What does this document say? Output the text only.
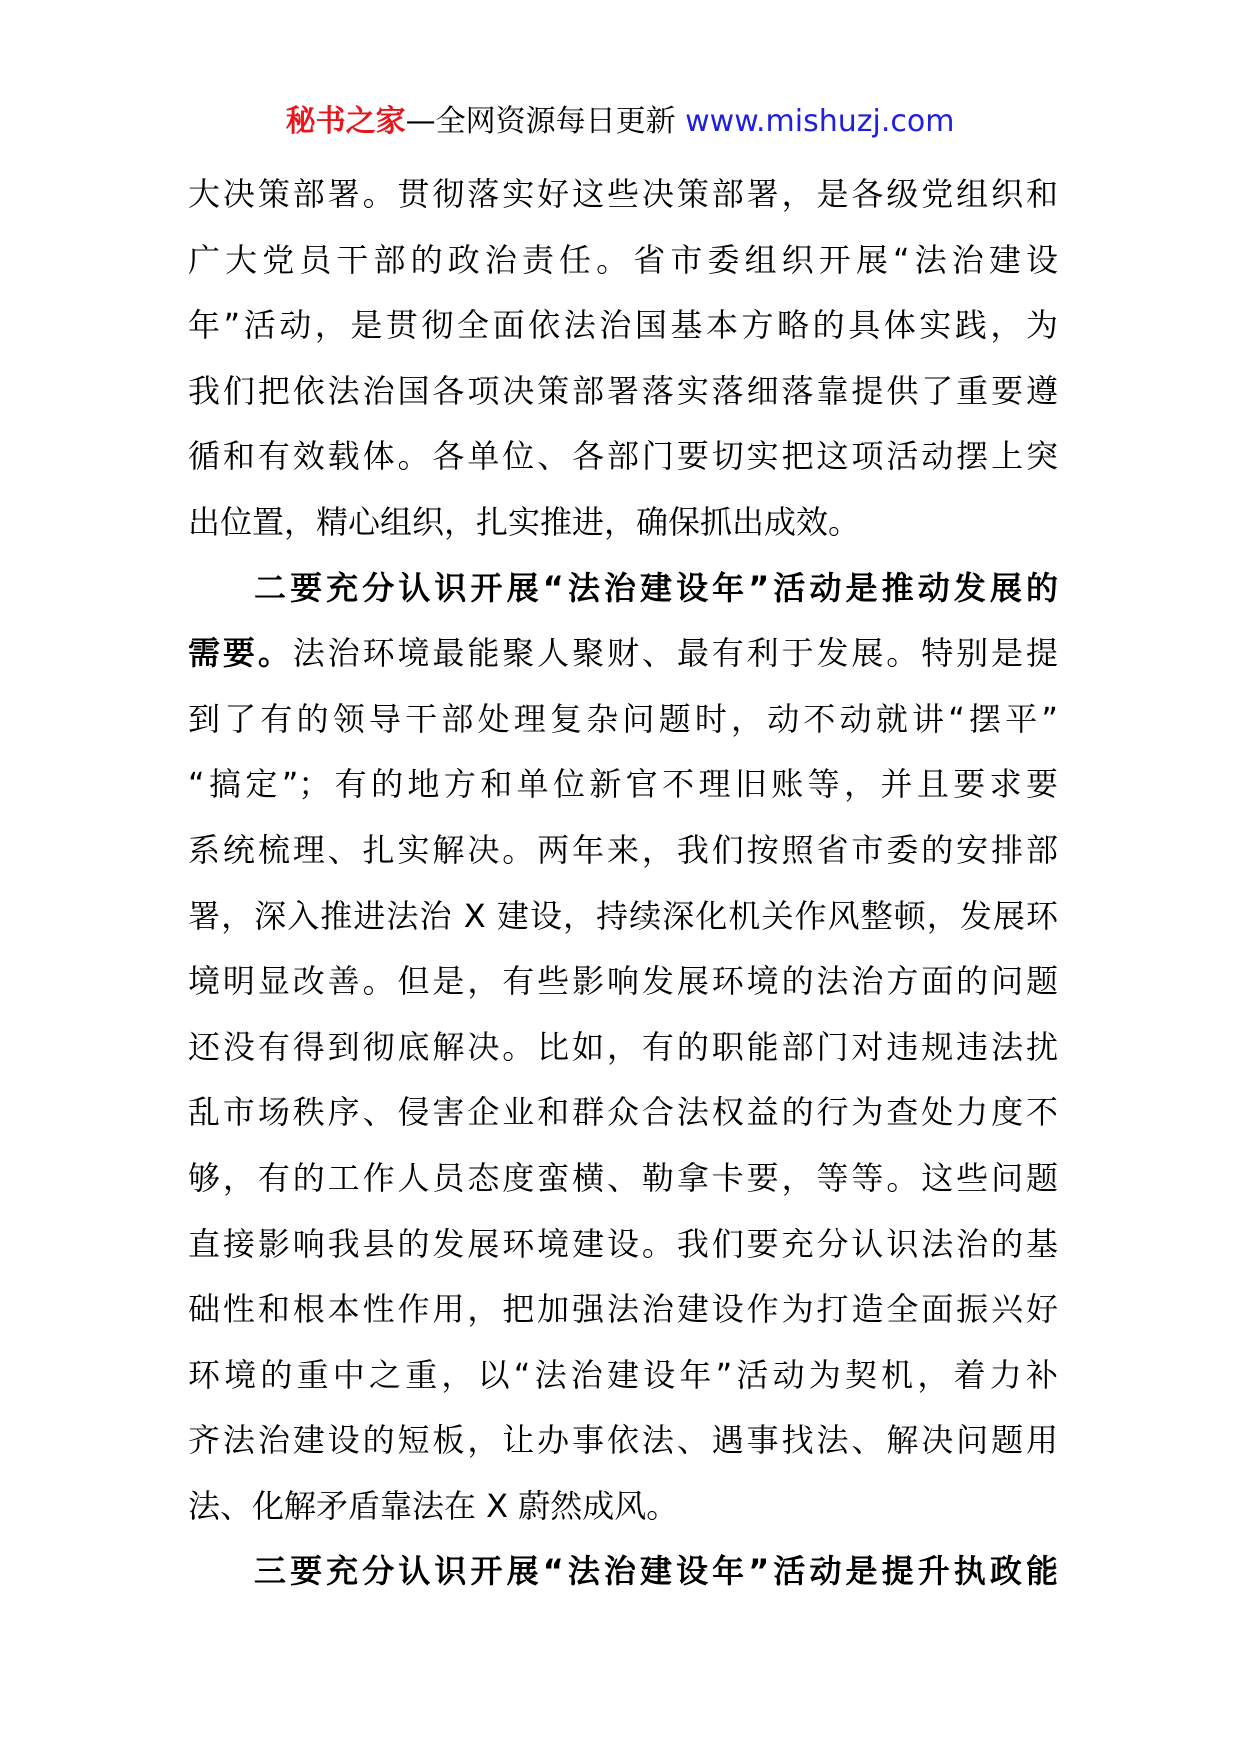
秘书之家—全网资源每日更新 www.mishuzj.com
大决策部署。贯彻落实好这些决策部署，是各级党组织和
广大党员干部的政治责任。省市委组织开展“法治建设
年”活动，是贯彻全面依法治国基本方略的具体实践，为
我们把依法治国各项决策部署落实落细落靠提供了重要遵
循和有效载体。各单位、各部门要切实把这项活动摆上突
出位置，精心组织，扎实推进，确保抓出成效。
二要充分认识开展“法治建设年”活动是推动发展的
需要。法治环境最能聚人聚财、最有利于发展。特别是提
到了有的领导干部处理复杂问题时，动不动就讲“摆平”
“搞定”；有的地方和单位新官不理旧账等，并且要求要
系统梳理、扎实解决。两年来，我们按照省市委的安排部
署，深入推进法治 X 建设，持续深化机关作风整顿，发展环
境明显改善。但是，有些影响发展环境的法治方面的问题
还没有得到彻底解决。比如，有的职能部门对违规违法扰
乱市场秩序、侵害企业和群众合法权益的行为查处力度不
够，有的工作人员态度蛮横、勒拿卡要，等等。这些问题
直接影响我县的发展环境建设。我们要充分认识法治的基
础性和根本性作用，把加强法治建设作为打造全面振兴好
环境的重中之重，以“法治建设年”活动为契机，着力补
齐法治建设的短板，让办事依法、遇事找法、解决问题用
法、化解矛盾靠法在 X 蔚然成风。
三要充分认识开展“法治建设年”活动是提升执政能
